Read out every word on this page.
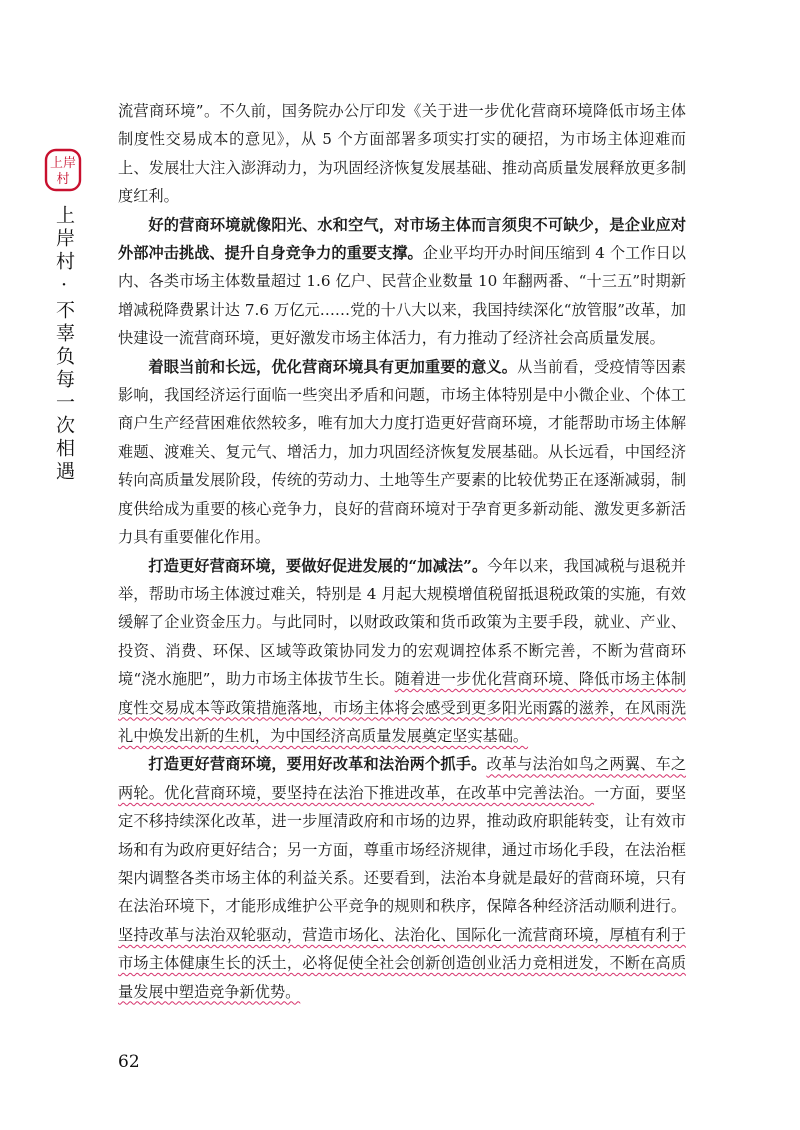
上岸
村
上岸村·不辜负每一次相遇

流营商环境”。不久前，国务院办公厅印发《关于进一步优化营商环境降低市场主体制度性交易成本的意见》，从 5 个方面部署多项实打实的硬招，为市场主体迎难而上、发展壮大注入澎湃动力，为巩固经济恢复发展基础、推动高质量发展释放更多制度红利。

好的营商环境就像阳光、水和空气，对市场主体而言须臾不可缺少，是企业应对外部冲击挑战、提升自身竞争力的重要支撑。企业平均开办时间压缩到 4 个工作日以内、各类市场主体数量超过 1.6 亿户、民营企业数量 10 年翻两番、“十三五”时期新增减税降费累计达 7.6 万亿元……党的十八大以来，我国持续深化“放管服”改革，加快建设一流营商环境，更好激发市场主体活力，有力推动了经济社会高质量发展。

着眼当前和长远，优化营商环境具有更加重要的意义。从当前看，受疫情等因素影响，我国经济运行面临一些突出矛盾和问题，市场主体特别是中小微企业、个体工商户生产经营困难依然较多，唯有加大力度打造更好营商环境，才能帮助市场主体解难题、渡难关、复元气、增活力，加力巩固经济恢复发展基础。从长远看，中国经济转向高质量发展阶段，传统的劳动力、土地等生产要素的比较优势正在逐渐减弱，制度供给成为重要的核心竞争力，良好的营商环境对于孕育更多新动能、激发更多新活力具有重要催化作用。

打造更好营商环境，要做好促进发展的“加减法”。今年以来，我国减税与退税并举，帮助市场主体渡过难关，特别是 4 月起大规模增值税留抵退税政策的实施，有效缓解了企业资金压力。与此同时，以财政政策和货币政策为主要手段，就业、产业、投资、消费、环保、区域等政策协同发力的宏观调控体系不断完善，不断为营商环境“浇水施肥”，助力市场主体拔节生长。随着进一步优化营商环境、降低市场主体制度性交易成本等政策措施落地，市场主体将会感受到更多阳光雨露的滋养，在风雨洗礼中焕发出新的生机，为中国经济高质量发展奠定坚实基础。

打造更好营商环境，要用好改革和法治两个抓手。改革与法治如鸟之两翼、车之两轮。优化营商环境，要坚持在法治下推进改革，在改革中完善法治。一方面，要坚定不移持续深化改革，进一步厘清政府和市场的边界，推动政府职能转变，让有效市场和有为政府更好结合；另一方面，尊重市场经济规律，通过市场化手段，在法治框架内调整各类市场主体的利益关系。还要看到，法治本身就是最好的营商环境，只有在法治环境下，才能形成维护公平竞争的规则和秩序，保障各种经济活动顺利进行。坚持改革与法治双轮驱动，营造市场化、法治化、国际化一流营商环境，厚植有利于市场主体健康生长的沃土，必将促使全社会创新创造创业活力竞相迸发，不断在高质量发展中塑造竞争新优势。

62
